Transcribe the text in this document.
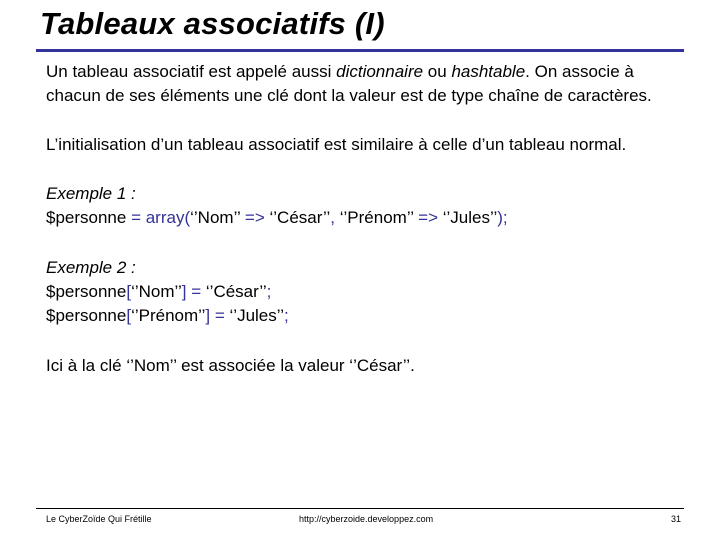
Tableaux associatifs (I)

Un tableau associatif est appelé aussi dictionnaire ou hashtable. On associe à chacun de ses éléments une clé dont la valeur est de type chaîne de caractères.

L’initialisation d’un tableau associatif est similaire à celle d’un tableau normal.

Exemple 1 :
$personne = array(‘’Nom’’ => ‘’César’’, ‘’Prénom’’ => ‘’Jules’’);

Exemple 2 :
$personne[‘’Nom’’] = ‘’César’’;
$personne[‘’Prénom’’] = ‘’Jules’’;

Ici à la clé ‘’Nom’’ est associée la valeur ‘’César’’.

Le CyberZoïde Qui Frétille	http://cyberzoide.developpez.com	31
